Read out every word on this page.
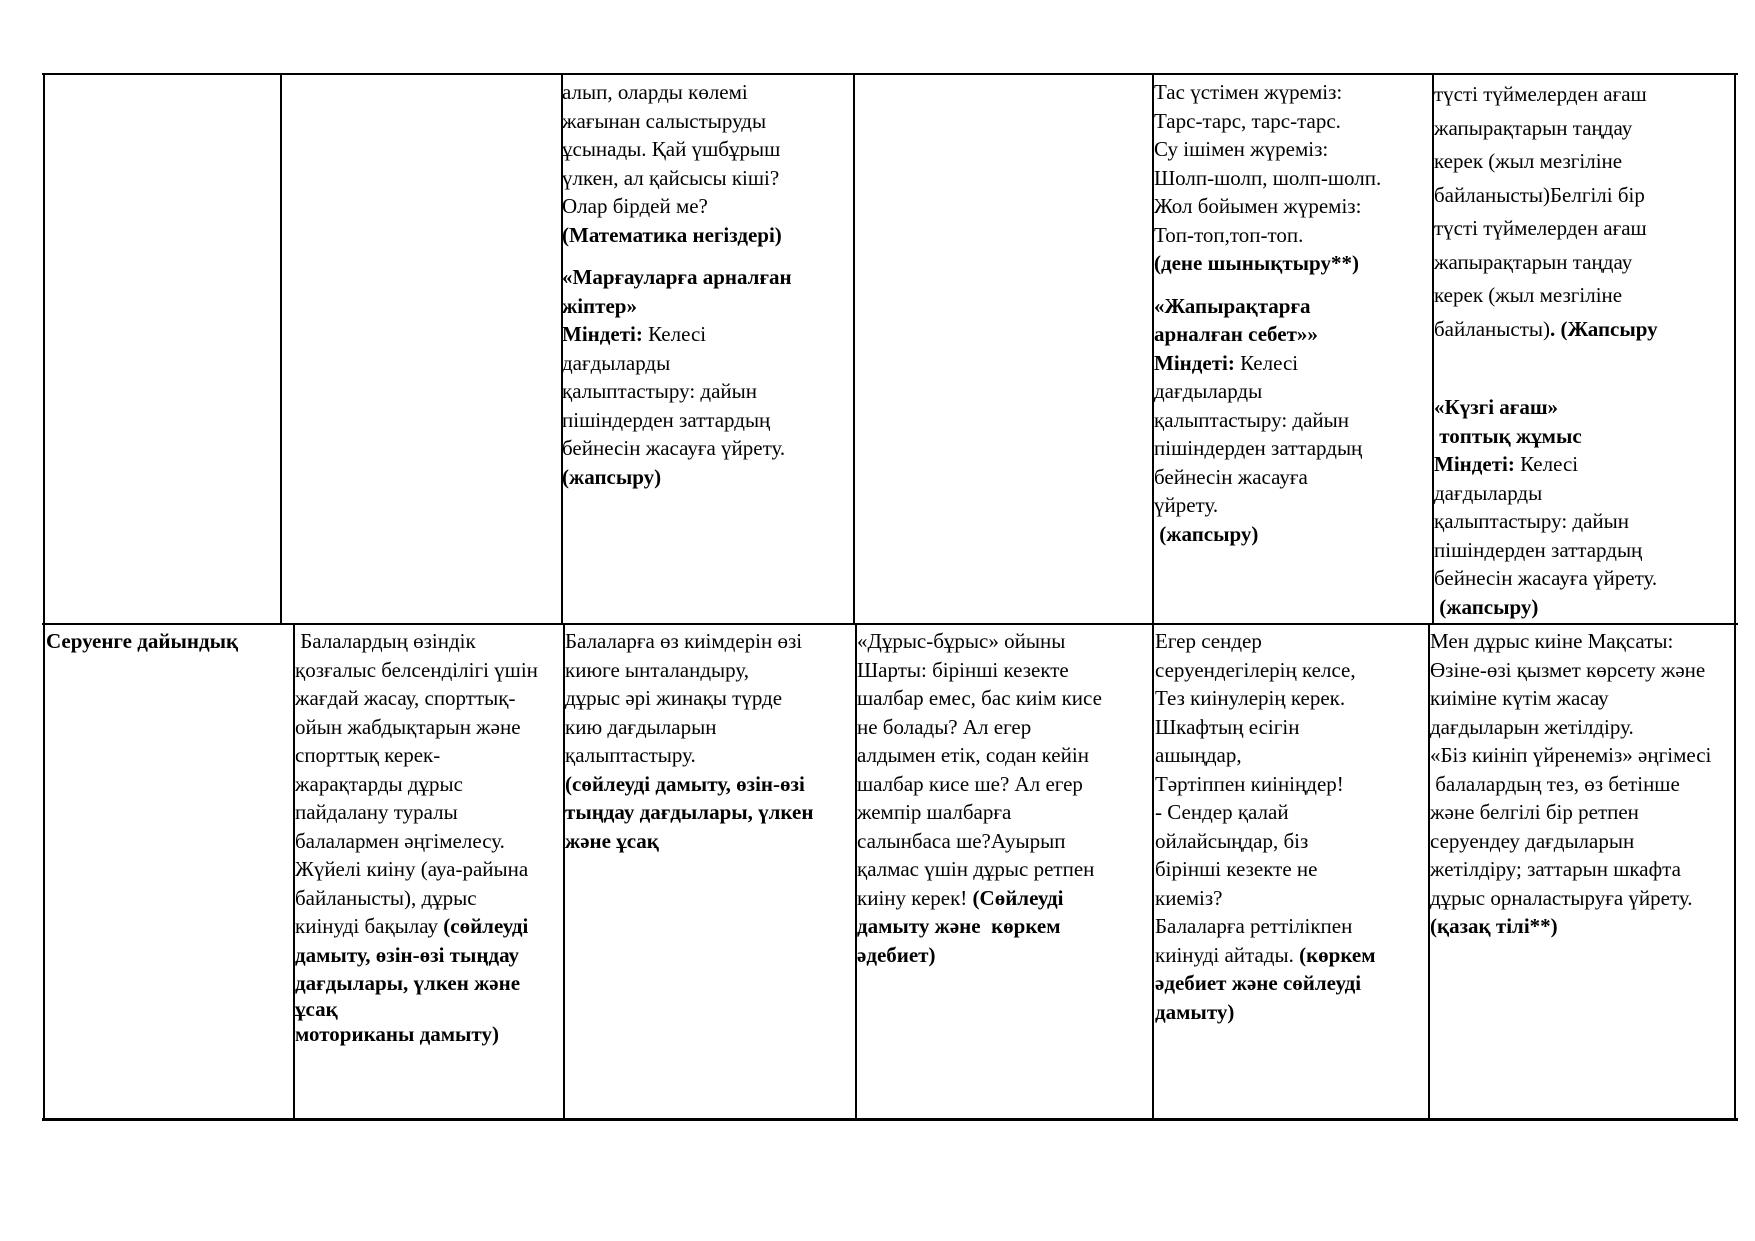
алып, оларды көлемі
жағынан салыстыруды
ұсынады. Қай үшбұрыш
үлкен, ал қайсысы кіші?
Олар бірдей ме?
(Математика негіздері)
«Марғауларға арналған
жіптер»
Міндеті: Келесі
дағдыларды
қалыптастыру: дайын
пішіндерден заттардың
бейнесін жасауға үйрету.
(жапсыру)
Тас үстімен жүреміз:
Тарс-тарс, тарс-тарс.
Су ішімен жүреміз:
Шолп-шолп, шолп-шолп.
Жол бойымен жүреміз:
Топ-топ,топ-топ.
(дене шынықтыру**)
«Жапырақтарға
арналған себет»»
Міндеті: Келесі
дағдыларды
қалыптастыру: дайын
пішіндерден заттардың
бейнесін жасауға
үйрету.
(жапсыру)
түсті түймелерден ағаш
жапырақтарын таңдау
керек (жыл мезгіліне
байланысты)Белгілі бір
түсті түймелерден ағаш
жапырақтарын таңдау
керек (жыл мезгіліне
байланысты). (Жапсыру
«Күзгі ағаш»
топтық жұмыс
Міндеті: Келесі
дағдыларды
қалыптастыру: дайын
пішіндерден заттардың
бейнесін жасауға үйрету.
(жапсыру)
Серуенге дайындық	Балалардың өзіндік
қозғалыс белсенділігі үшін
жағдай жасау, спорттық-
ойын жабдықтарын және
спорттық керек-
жарақтарды дұрыс
пайдалану туралы
балалармен әңгімелесу.
Жүйелі киіну (ауа-райына
байланысты), дұрыс
киінуді бақылау (сөйлеуді
дамыту, өзін-өзі тыңдау
дағдылары, үлкен және
ұсақ
моториканы дамыту)
Балаларға өз киімдерін өзі
киюге ынталандыру,
дұрыс әрі жинақы түрде
кию дағдыларын
қалыптастыру.
(сөйлеуді дамыту, өзін-өзі
тыңдау дағдылары, үлкен
және ұсақ
«Дұрыс-бұрыс» ойыны
Шарты: бірінші кезекте
шалбар емес, бас киім кисе
не болады? Ал егер
алдымен етік, содан кейін
шалбар кисе ше? Ал егер
жемпір шалбарға
салынбаса ше?Ауырып
қалмас үшін дұрыс ретпен
киіну керек! (Сөйлеуді
дамыту және  көркем
әдебиет)
Егер сендер
серуендегілерің келсе,
Тез киінулерің керек.
Шкафтың есігін
ашыңдар,
Тәртіппен киініңдер!
- Сендер қалай
ойлайсыңдар, біз
бірінші кезекте не
киеміз?
Балаларға реттілікпен
киінуді айтады. (көркем
әдебиет және сөйлеуді
дамыту)
Мен дұрыс киіне Мақсаты:
Өзіне-өзі қызмет көрсету және
киіміне күтім жасау
дағдыларын жетілдіру.
«Біз киініп үйренеміз» әңгімесі
балалардың тез, өз бетінше
және белгілі бір ретпен
серуендеу дағдыларын
жетілдіру; заттарын шкафта
дұрыс орналастыруға үйрету.
(қазақ тілі**)
